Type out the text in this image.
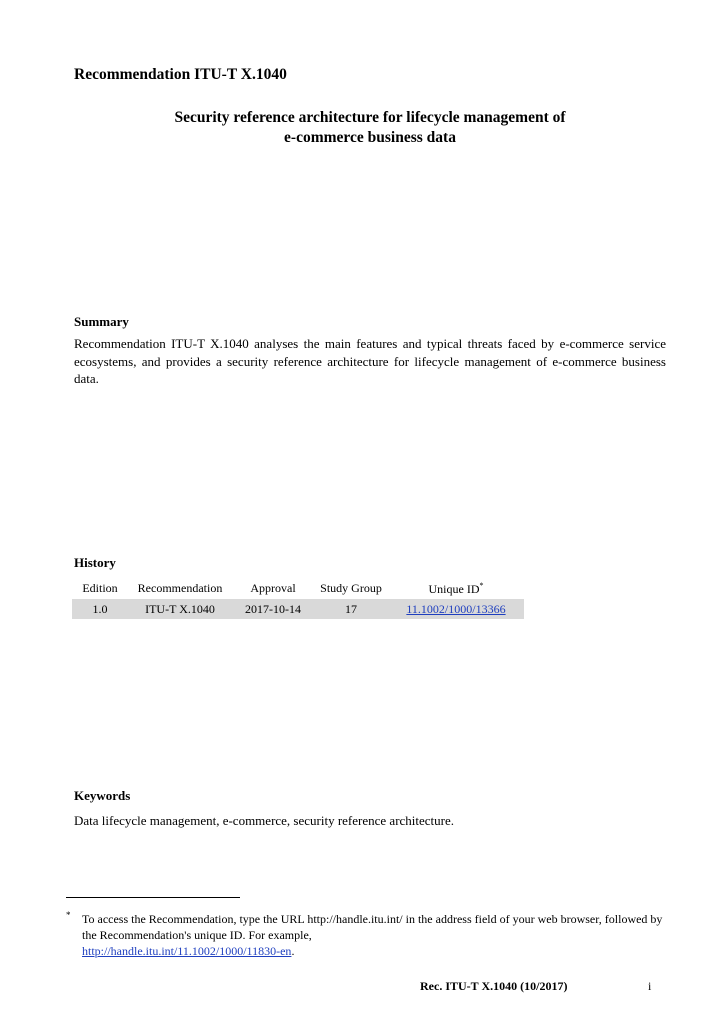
Recommendation ITU-T X.1040
Security reference architecture for lifecycle management of
e-commerce business data
Summary
Recommendation ITU-T X.1040 analyses the main features and typical threats faced by e-commerce service ecosystems, and provides a security reference architecture for lifecycle management of e-commerce business data.
History
Edition	Recommendation	Approval	Study Group	Unique ID*
1.0	ITU-T X.1040	2017-10-14	17	11.1002/1000/13366
Keywords
Data lifecycle management, e-commerce, security reference architecture.
* To access the Recommendation, type the URL http://handle.itu.int/ in the address field of your web browser, followed by the Recommendation's unique ID. For example,
http://handle.itu.int/11.1002/1000/11830-en.
Rec. ITU-T X.1040 (10/2017)	i
